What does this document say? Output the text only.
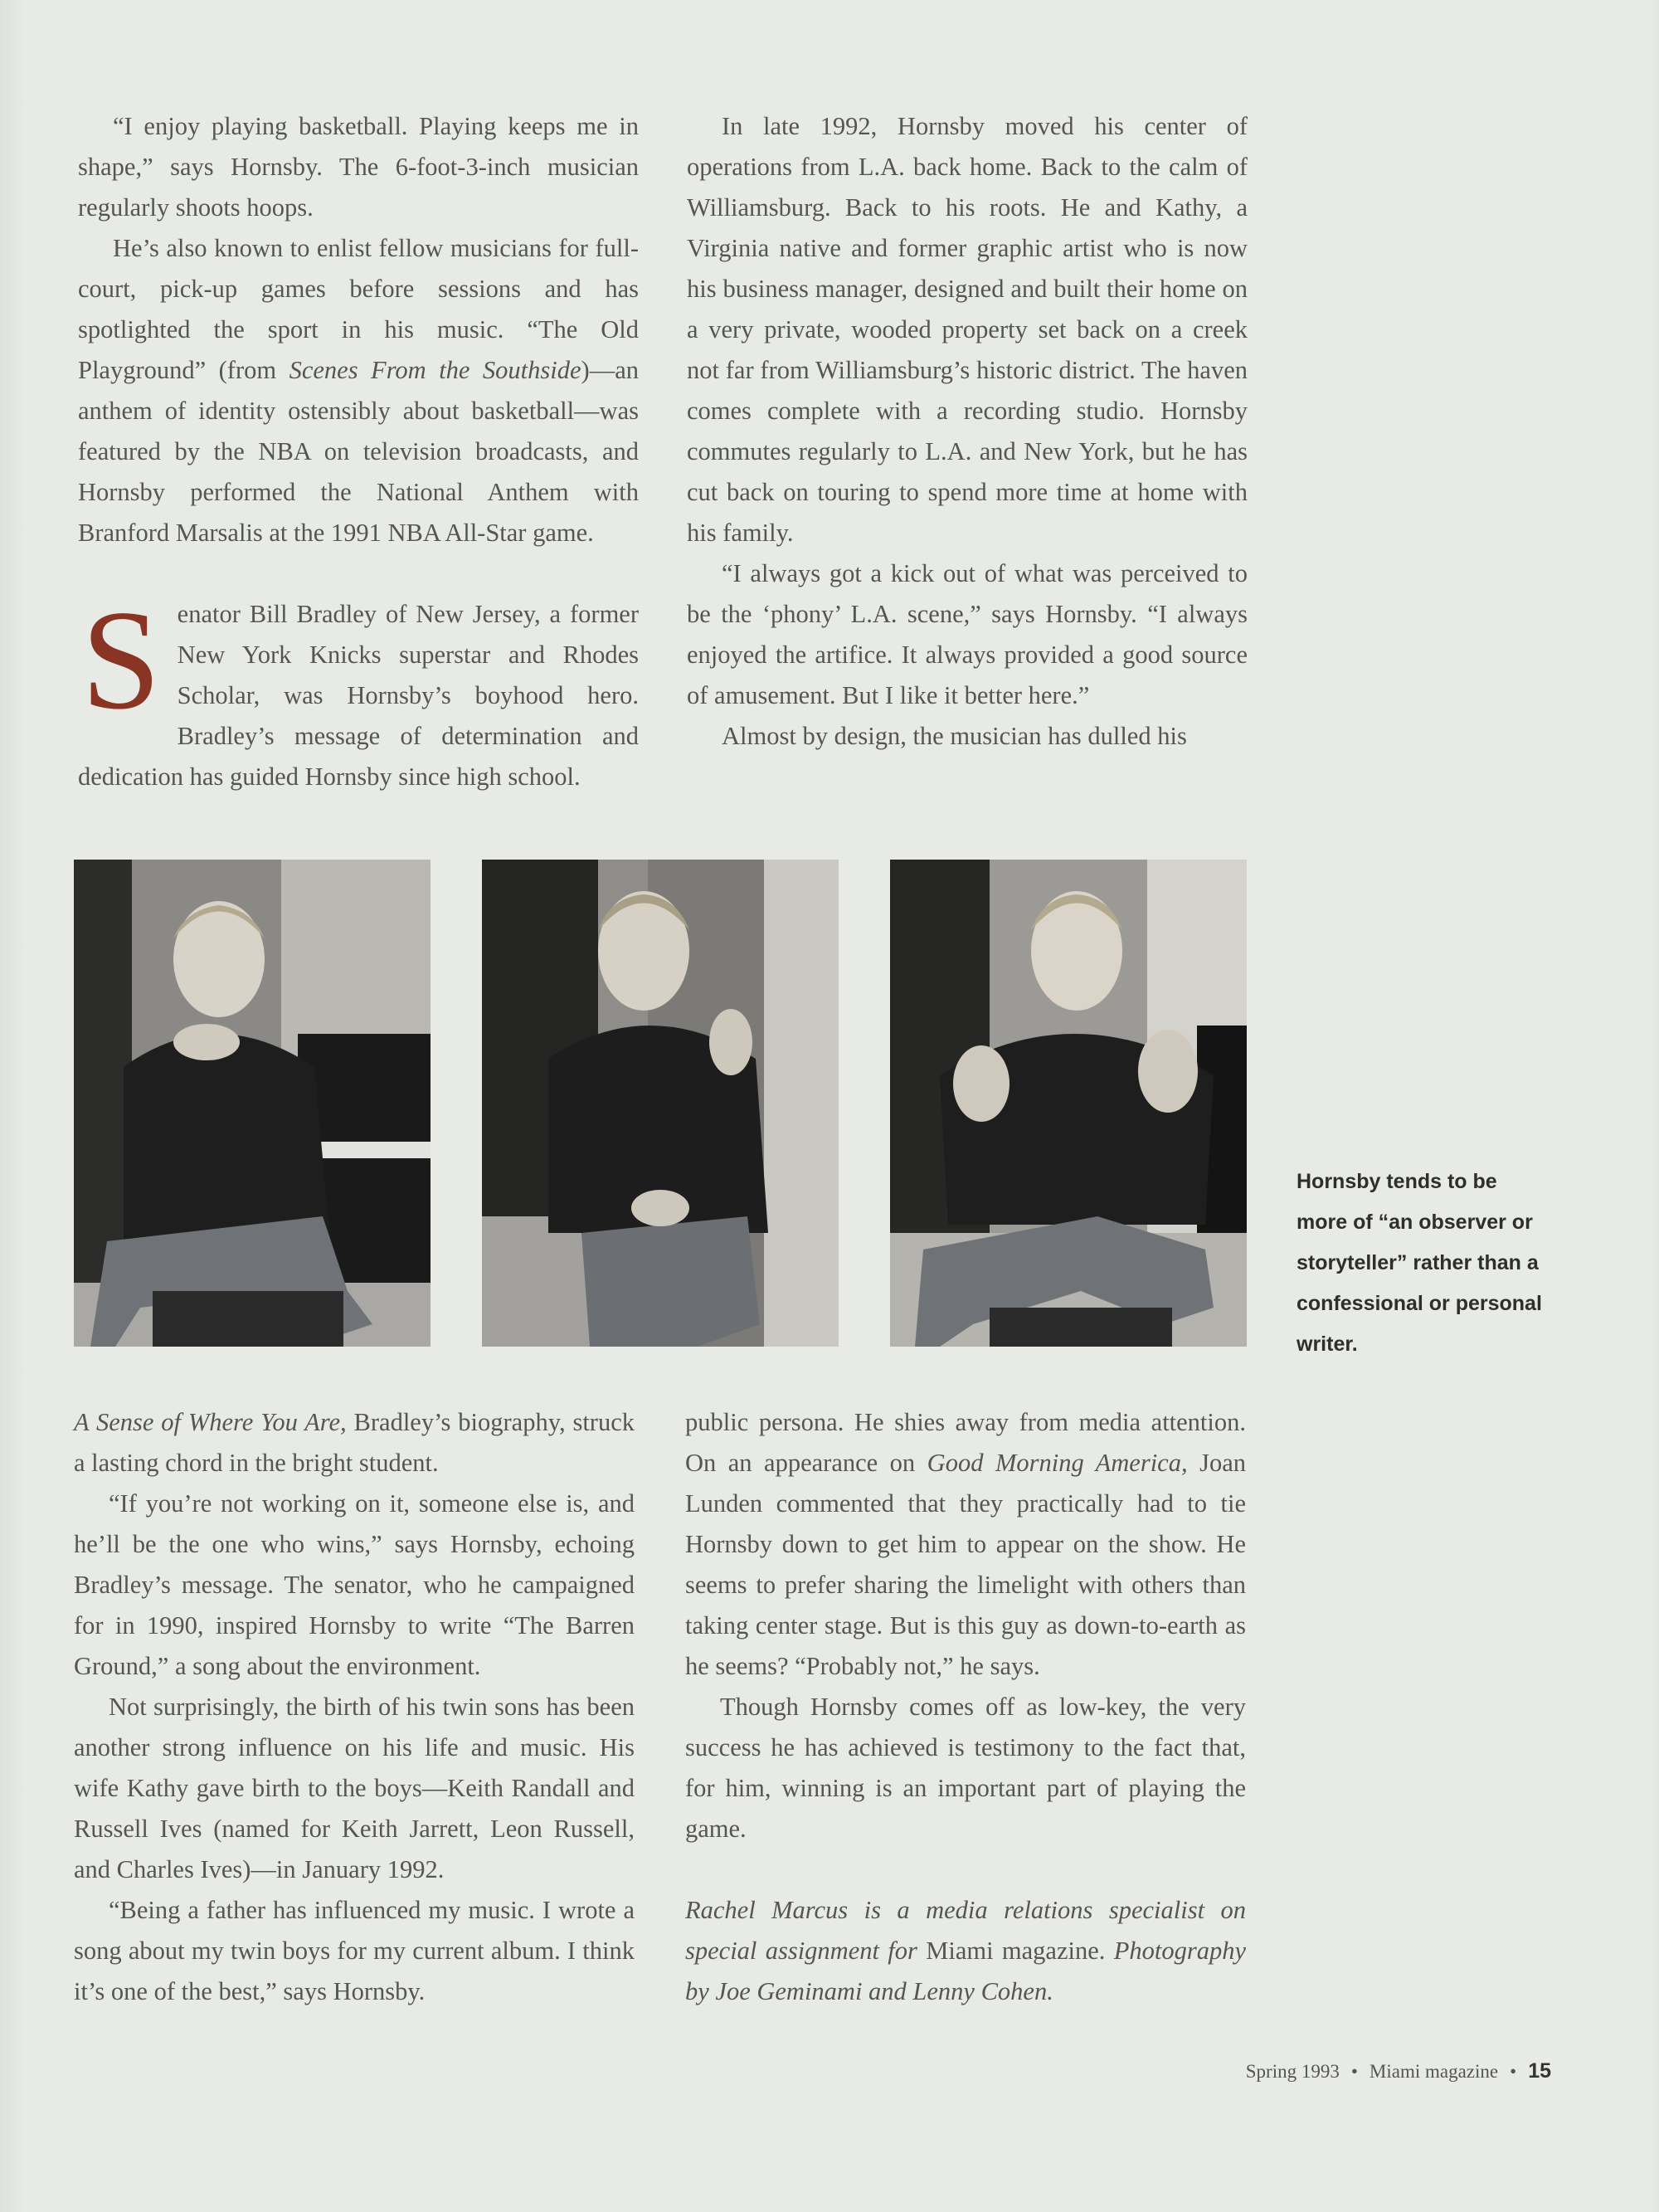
“I enjoy playing basketball. Playing keeps me in shape,” says Hornsby. The 6-foot-3-inch musician regularly shoots hoops.

He’s also known to enlist fellow musicians for full-court, pick-up games before sessions and has spotlighted the sport in his music. “The Old Playground” (from Scenes From the Southside)—an anthem of identity ostensibly about basketball—was featured by the NBA on television broadcasts, and Hornsby performed the National Anthem with Branford Marsalis at the 1991 NBA All-Star game.

Senator Bill Bradley of New Jersey, a former New York Knicks superstar and Rhodes Scholar, was Hornsby’s boyhood hero. Bradley’s message of determination and dedication has guided Hornsby since high school.

In late 1992, Hornsby moved his center of operations from L.A. back home. Back to the calm of Williamsburg. Back to his roots. He and Kathy, a Virginia native and former graphic artist who is now his business manager, designed and built their home on a very private, wooded property set back on a creek not far from Williamsburg’s historic district. The haven comes complete with a recording studio. Hornsby commutes regularly to L.A. and New York, but he has cut back on touring to spend more time at home with his family.

“I always got a kick out of what was perceived to be the ‘phony’ L.A. scene,” says Hornsby. “I always enjoyed the artifice. It always provided a good source of amusement. But I like it better here.”

Almost by design, the musician has dulled his

Hornsby tends to be more of “an observer or storyteller” rather than a confessional or personal writer.

A Sense of Where You Are, Bradley’s biography, struck a lasting chord in the bright student.

“If you’re not working on it, someone else is, and he’ll be the one who wins,” says Hornsby, echoing Bradley’s message. The senator, who he campaigned for in 1990, inspired Hornsby to write “The Barren Ground,” a song about the environment.

Not surprisingly, the birth of his twin sons has been another strong influence on his life and music. His wife Kathy gave birth to the boys—Keith Randall and Russell Ives (named for Keith Jarrett, Leon Russell, and Charles Ives)—in January 1992.

“Being a father has influenced my music. I wrote a song about my twin boys for my current album. I think it’s one of the best,” says Hornsby.

public persona. He shies away from media attention. On an appearance on Good Morning America, Joan Lunden commented that they practically had to tie Hornsby down to get him to appear on the show. He seems to prefer sharing the limelight with others than taking center stage. But is this guy as down-to-earth as he seems? “Probably not,” he says.

Though Hornsby comes off as low-key, the very success he has achieved is testimony to the fact that, for him, winning is an important part of playing the game.

Rachel Marcus is a media relations specialist on special assignment for Miami magazine. Photography by Joe Geminami and Lenny Cohen.

Spring 1993 • Miami magazine • 15
